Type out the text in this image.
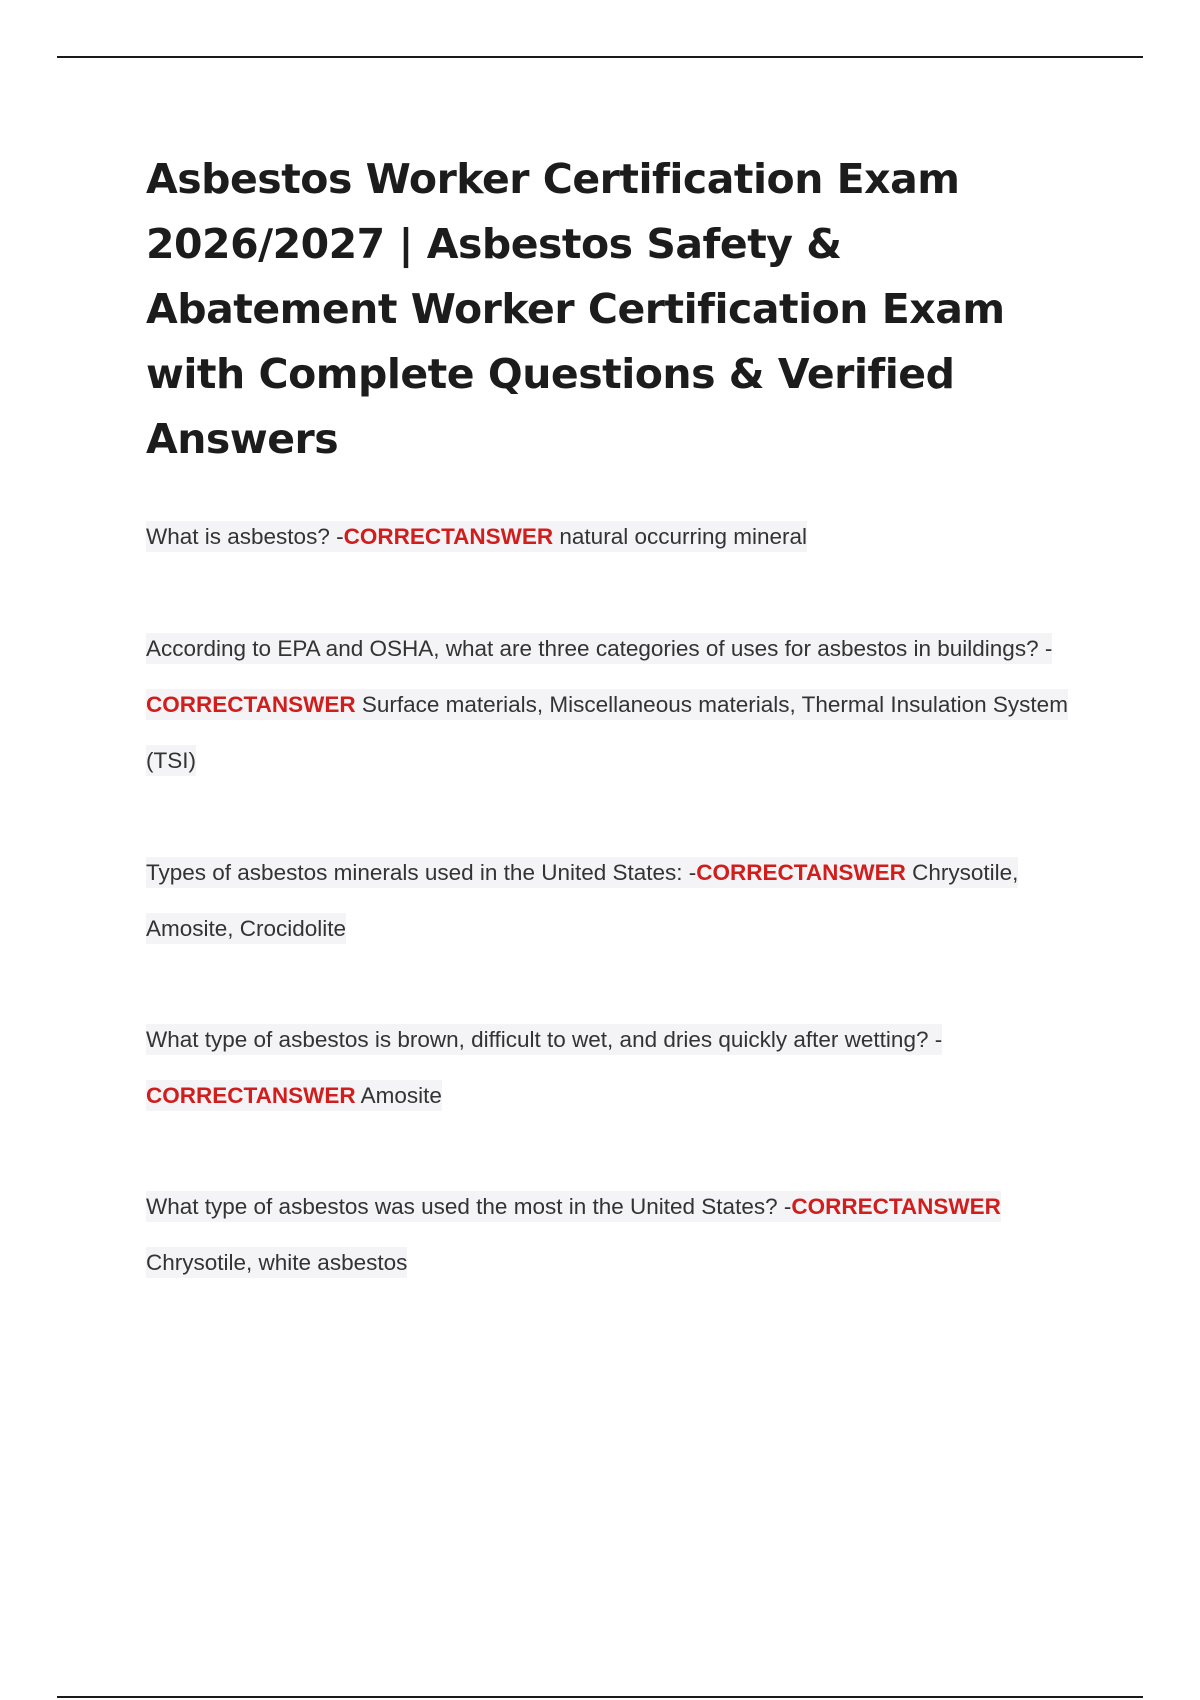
Asbestos Worker Certification Exam 2026/2027 | Asbestos Safety & Abatement Worker Certification Exam with Complete Questions & Verified Answers

What is asbestos? -CORRECTANSWER natural occurring mineral

According to EPA and OSHA, what are three categories of uses for asbestos in buildings? -CORRECTANSWER Surface materials, Miscellaneous materials, Thermal Insulation System (TSI)

Types of asbestos minerals used in the United States: -CORRECTANSWER Chrysotile, Amosite, Crocidolite

What type of asbestos is brown, difficult to wet, and dries quickly after wetting? -CORRECTANSWER Amosite

What type of asbestos was used the most in the United States? -CORRECTANSWER Chrysotile, white asbestos
